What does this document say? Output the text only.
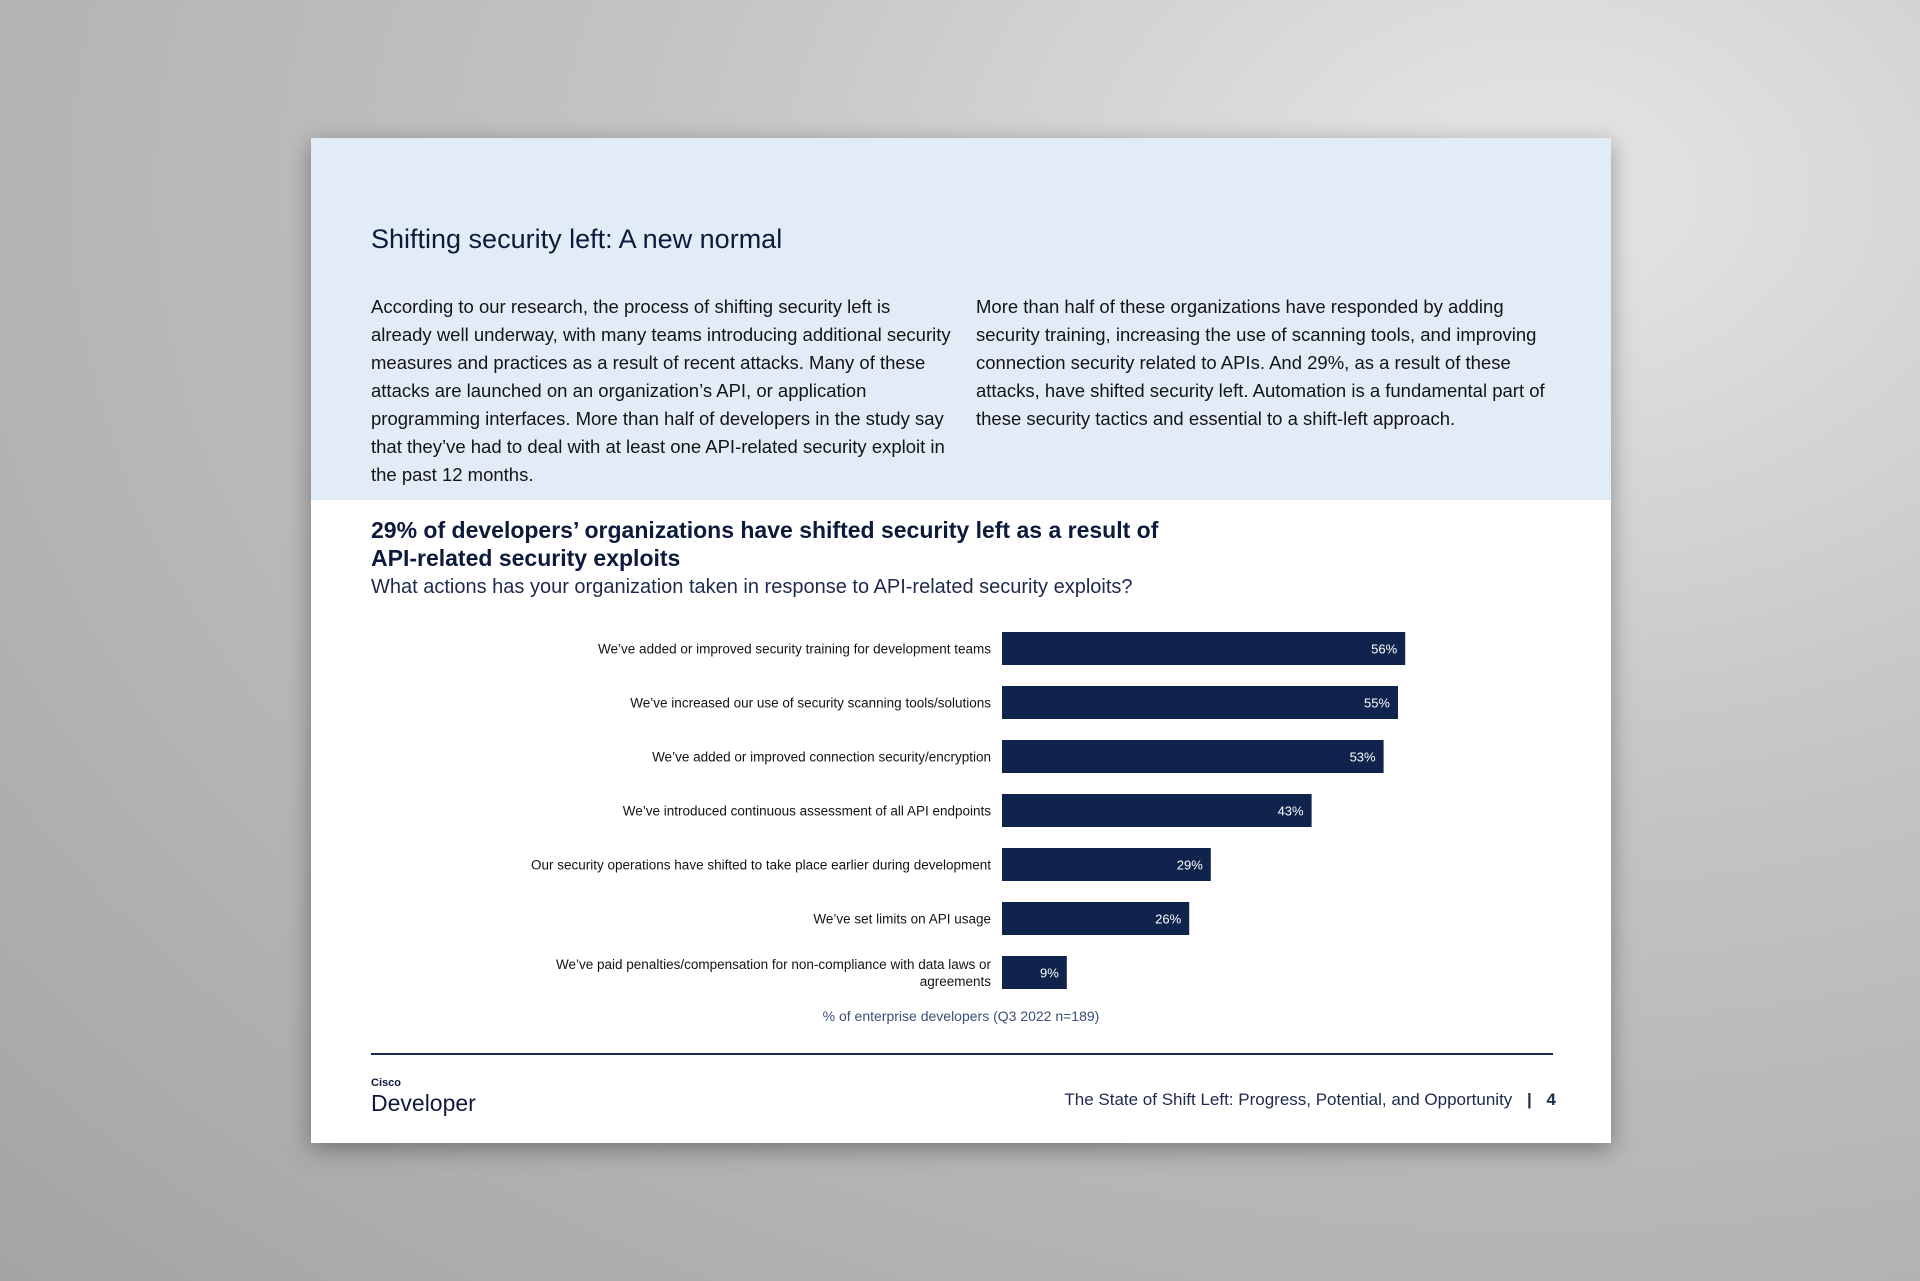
Shifting security left: A new normal

According to our research, the process of shifting security left is already well underway, with many teams introducing additional security measures and practices as a result of recent attacks. Many of these attacks are launched on an organization’s API, or application programming interfaces. More than half of developers in the study say that they’ve had to deal with at least one API-related security exploit in the past 12 months.

More than half of these organizations have responded by adding security training, increasing the use of scanning tools, and improving connection security related to APIs. And 29%, as a result of these attacks, have shifted security left. Automation is a fundamental part of these security tactics and essential to a shift-left approach.

29% of developers’ organizations have shifted security left as a result of API-related security exploits
What actions has your organization taken in response to API-related security exploits?
56%
We’ve added or improved security training for development teams
55%
We’ve increased our use of security scanning tools/solutions
53%
We’ve added or improved connection security/encryption
43%
We’ve introduced continuous assessment of all API endpoints
29%
Our security operations have shifted to take place earlier during development
26%
We’ve set limits on API usage
9%
We’ve paid penalties/compensation for non-compliance with data laws or agreements
% of enterprise developers (Q3 2022 n=189)
Cisco
Developer	The State of Shift Left: Progress, Potential, and Opportunity | 4
